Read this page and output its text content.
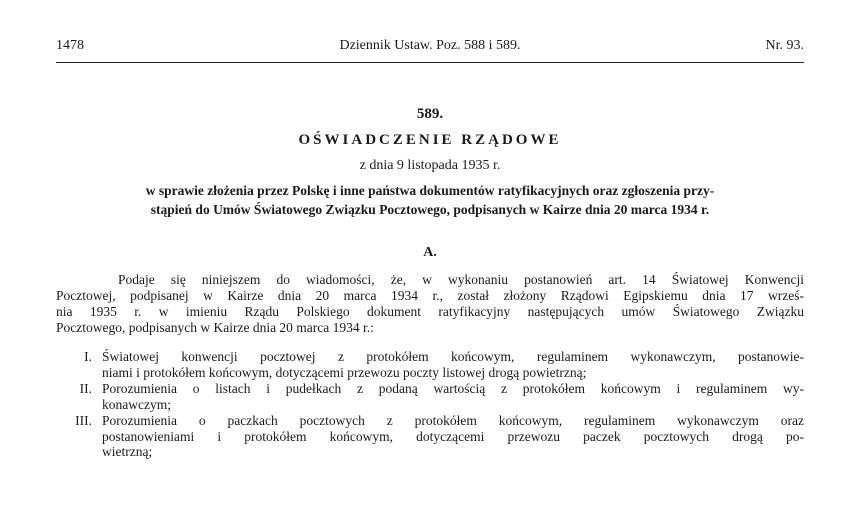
1478	Dziennik Ustaw. Poz. 588 i 589.	Nr. 93.
589.
OŚWIADCZENIE RZĄDOWE
z dnia 9 listopada 1935 r.
w sprawie złożenia przez Polskę i inne państwa dokumentów ratyfikacyjnych oraz zgłoszenia przy-
stąpień do Umów Światowego Związku Pocztowego, podpisanych w Kairze dnia 20 marca 1934 r.
A.
Podaje się niniejszem do wiadomości, że, w wykonaniu postanowień art. 14 Światowej Konwencji
Pocztowej, podpisanej w Kairze dnia 20 marca 1934 r., został złożony Rządowi Egipskiemu dnia 17 wrześ-
nia 1935 r. w imieniu Rządu Polskiego dokument ratyfikacyjny następujących umów Światowego Związku
Pocztowego, podpisanych w Kairze dnia 20 marca 1934 r.:
I. Światowej konwencji pocztowej z protokółem końcowym, regulaminem wykonawczym, postanowie-
niami i protokółem końcowym, dotyczącemi przewozu poczty listowej drogą powietrzną;
II. Porozumienia o listach i pudełkach z podaną wartością z protokółem końcowym i regulaminem wy-
konawczym;
III. Porozumienia o paczkach pocztowych z protokółem końcowym, regulaminem wykonawczym oraz
postanowieniami i protokółem końcowym, dotyczącemi przewozu paczek pocztowych drogą po-
wietrzną;
